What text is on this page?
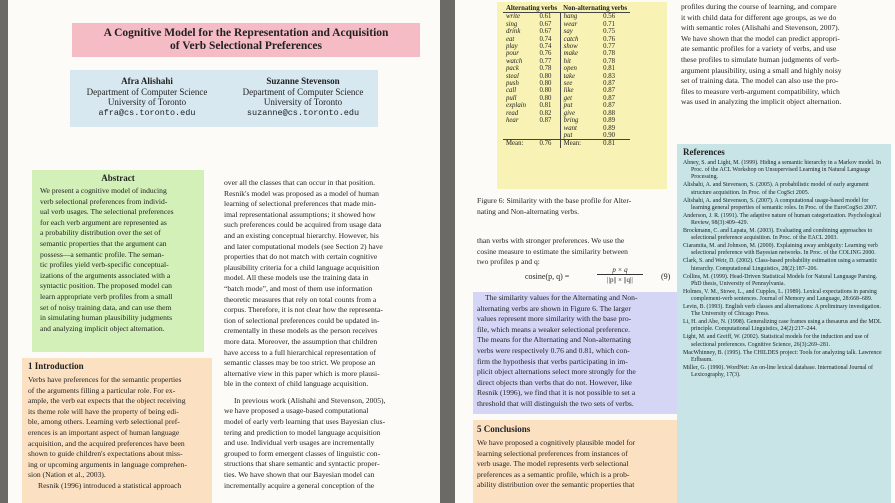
A Cognitive Model for the Representation and Acquisition
of Verb Selectional Preferences
Afra Alishahi
Department of Computer Science
University of Toronto
afra@cs.toronto.edu
Suzanne Stevenson
Department of Computer Science
University of Toronto
suzanne@cs.toronto.edu
Abstract
We present a cognitive model of inducing
verb selectional preferences from individ-
ual verb usages. The selectional preferences
for each verb argument are represented as
a probability distribution over the set of
semantic properties that the argument can
possess—a semantic profile. The seman-
tic profiles yield verb-specific conceptual-
izations of the arguments associated with a
syntactic position. The proposed model can
learn appropriate verb profiles from a small
set of noisy training data, and can use them
in simulating human plausibility judgments
and analyzing implicit object alternation.
1 Introduction
Verbs have preferences for the semantic properties
of the arguments filling a particular role. For ex-
ample, the verb eat expects that the object receiving
its theme role will have the property of being edi-
ble, among others. Learning verb selectional pref-
erences is an important aspect of human language
acquisition, and the acquired preferences have been
shown to guide children's expectations about miss-
ing or upcoming arguments in language comprehen-
sion (Nation et al., 2003).
Resnik (1996) introduced a statistical approach
over all the classes that can occur in that position.
Resnik's model was proposed as a model of human
learning of selectional preferences that made min-
imal representational assumptions; it showed how
such preferences could be acquired from usage data
and an existing conceptual hierarchy. However, his
and later computational models (see Section 2) have
properties that do not match with certain cognitive
plausibility criteria for a child language acquisition
model. All these models use the training data in
“batch mode”, and most of them use information
theoretic measures that rely on total counts from a
corpus. Therefore, it is not clear how the representa-
tion of selectional preferences could be updated in-
crementally in these models as the person receives
more data. Moreover, the assumption that children
have access to a full hierarchical representation of
semantic classes may be too strict. We propose an
alternative view in this paper which is more plausi-
ble in the context of child language acquisition.
In previous work (Alishahi and Stevenson, 2005),
we have proposed a usage-based computational
model of early verb learning that uses Bayesian clus-
tering and prediction to model language acquisition
and use. Individual verb usages are incrementally
grouped to form emergent classes of linguistic con-
structions that share semantic and syntactic proper-
ties. We have shown that our Bayesian model can
incrementally acquire a general conception of the
Alternating verbs		Non-alternating verbs	
write	0.61	hang	0.56
sing	0.67	wear	0.71
drink	0.67	say	0.75
eat	0.74	catch	0.76
play	0.74	show	0.77
pour	0.76	make	0.78
watch	0.77	hit	0.78
pack	0.78	open	0.81
steal	0.80	take	0.83
push	0.80	see	0.87
call	0.80	like	0.87
pull	0.80	get	0.87
explain	0.81	put	0.87
read	0.82	give	0.88
hear	0.87	bring	0.89
		want	0.89
		put	0.90
Mean:	0.76	Mean:	0.81
Figure 6: Similarity with the base profile for Alter-
nating and Non-alternating verbs.
than verbs with stronger preferences. We use the
cosine measure to estimate the similarity between
two profiles p and q:
cosine(p, q) =
p × q
||p|| × ||q||	(9)
The similarity values for the Alternating and Non-
alternating verbs are shown in Figure 6. The larger
values represent more similarity with the base pro-
file, which means a weaker selectional preference.
The means for the Alternating and Non-alternating
verbs were respectively 0.76 and 0.81, which con-
firm the hypothesis that verbs participating in im-
plicit object alternations select more strongly for the
direct objects than verbs that do not. However, like
Resnik (1996), we find that it is not possible to set a
threshold that will distinguish the two sets of verbs.
5 Conclusions
We have proposed a cognitively plausible model for
learning selectional preferences from instances of
verb usage. The model represents verb selectional
preferences as a semantic profile, which is a prob-
ability distribution over the semantic properties that
profiles during the course of learning, and compare
it with child data for different age groups, as we do
with semantic roles (Alishahi and Stevenson, 2007).
We have shown that the model can predict appropri-
ate semantic profiles for a variety of verbs, and use
these profiles to simulate human judgments of verb-
argument plausibility, using a small and highly noisy
set of training data. The model can also use the pro-
files to measure verb-argument compatibility, which
was used in analyzing the implicit object alternation.
References
Abney, S. and Light, M. (1999). Hiding a semantic hierarchy in a Markov model. In Proc. of the ACL Workshop on Unsupervised Learning in Natural Language Processing.
Alishahi, A. and Stevenson, S. (2005). A probabilistic model of early argument structure acquisition. In Proc. of the CogSci 2005.
Alishahi, A. and Stevenson, S. (2007). A computational usage-based model for learning general properties of semantic roles. In Proc. of the EuroCogSci 2007.
Anderson, J. R. (1991). The adaptive nature of human categorization. Psychological Review, 98(3):409–429.
Brockmann, C. and Lapata, M. (2003). Evaluating and combining approaches to selectional preference acquisition. In Proc. of the EACL 2003.
Ciaramita, M. and Johnson, M. (2000). Explaining away ambiguity: Learning verb selectional preference with Bayesian networks. In Proc. of the COLING 2000.
Clark, S. and Weir, D. (2002). Class-based probability estimation using a semantic hierarchy. Computational Linguistics, 28(2):187–206.
Collins, M. (1999). Head-Driven Statistical Models for Natural Language Parsing. PhD thesis, University of Pennsylvania.
Holmes, V. M., Stowe, L., and Cupples, L. (1989). Lexical expectations in parsing complement-verb sentences. Journal of Memory and Language, 28:668–689.
Levin, B. (1993). English verb classes and alternations: A preliminary investigation. The University of Chicago Press.
Li, H. and Abe, N. (1998). Generalizing case frames using a thesaurus and the MDL principle. Computational Linguistics, 24(2):217–244.
Light, M. and Greiff, W. (2002). Statistical models for the induction and use of selectional preferences. Cognitive Science, 26(3):269–281.
MacWhinney, B. (1995). The CHILDES project: Tools for analyzing talk. Lawrence Erlbaum.
Miller, G. (1990). WordNet: An on-line lexical database. International Journal of Lexicography, 17(3).
